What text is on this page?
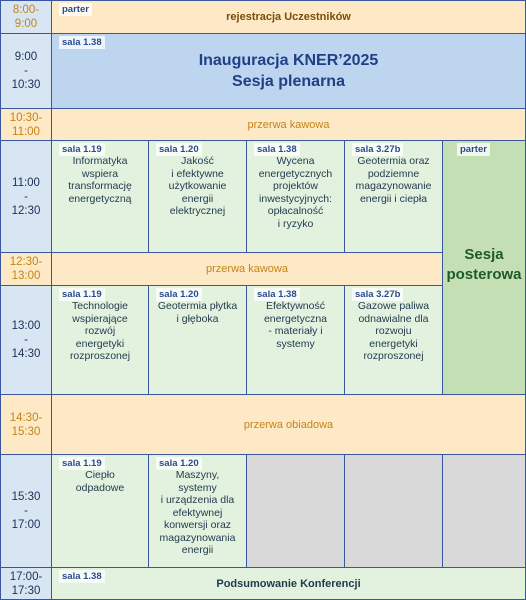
8:00-
9:00
parter
rejestracja Uczestników
9:00
-
10:30
sala 1.38
Inauguracja KNER’2025
Sesja plenarna
10:30-
11:00
przerwa kawowa
11:00
-
12:30
sala 1.19
Informatyka
wspiera
transformację
energetyczną
sala 1.20
Jakość
i efektywne
użytkowanie
energii
elektrycznej
sala 1.38
Wycena
energetycznych
projektów
inwestycyjnych:
opłacalność
i ryzyko
sala 3.27b
Geotermia oraz
podziemne
magazynowanie
energii i ciepła
parter
Sesja
posterowa
12:30-
13:00
przerwa kawowa
13:00
-
14:30
sala 1.19
Technologie
wspierające
rozwój
energetyki
rozproszonej
sala 1.20
Geotermia płytka
i głęboka
sala 1.38
Efektywność
energetyczna
- materiały i
systemy
sala 3.27b
Gazowe paliwa
odnawialne dla
rozwoju
energetyki
rozproszonej
14:30-
15:30
przerwa obiadowa
15:30
-
17:00
sala 1.19
Ciepło
odpadowe
sala 1.20
Maszyny,
systemy
i urządzenia dla
efektywnej
konwersji oraz
magazynowania
energii
17:00-
17:30
sala 1.38
Podsumowanie Konferencji
